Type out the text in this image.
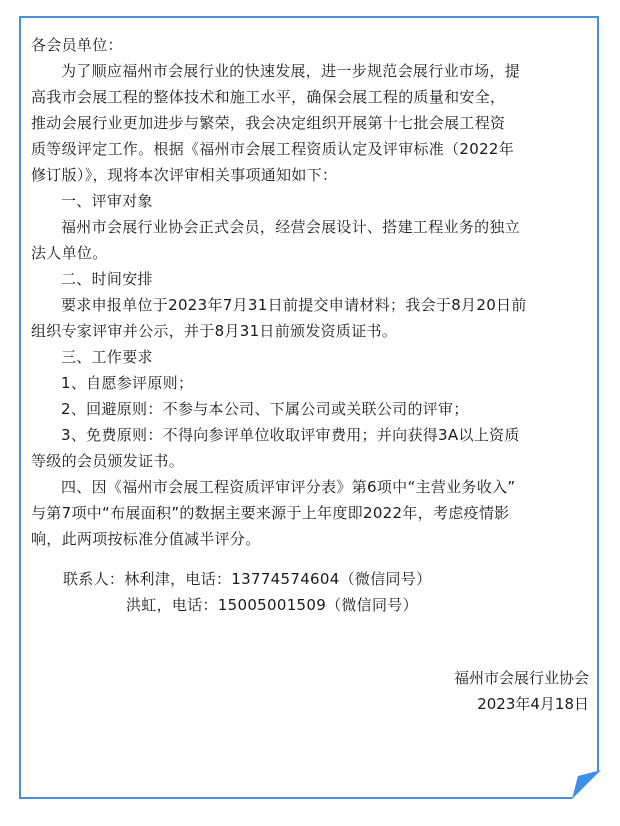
各会员单位：
为了顺应福州市会展行业的快速发展，进一步规范会展行业市场，提
高我市会展工程的整体技术和施工水平，确保会展工程的质量和安全，
推动会展行业更加进步与繁荣，我会决定组织开展第十七批会展工程资
质等级评定工作。根据《福州市会展工程资质认定及评审标准（2022年
修订版）》，现将本次评审相关事项通知如下：
一、评审对象
福州市会展行业协会正式会员，经营会展设计、搭建工程业务的独立
法人单位。
二、时间安排
要求申报单位于2023年7月31日前提交申请材料；我会于8月20日前
组织专家评审并公示，并于8月31日前颁发资质证书。
三、工作要求
1、自愿参评原则；
2、回避原则：不参与本公司、下属公司或关联公司的评审；
3、免费原则：不得向参评单位收取评审费用；并向获得3A以上资质
等级的会员颁发证书。
四、因《福州市会展工程资质评审评分表》第6项中“主营业务收入”
与第7项中“布展面积”的数据主要来源于上年度即2022年，考虑疫情影
响，此两项按标准分值减半评分。
联系人：林利津，电话：13774574604（微信同号）
洪虹，电话：15005001509（微信同号）
福州市会展行业协会
2023年4月18日
